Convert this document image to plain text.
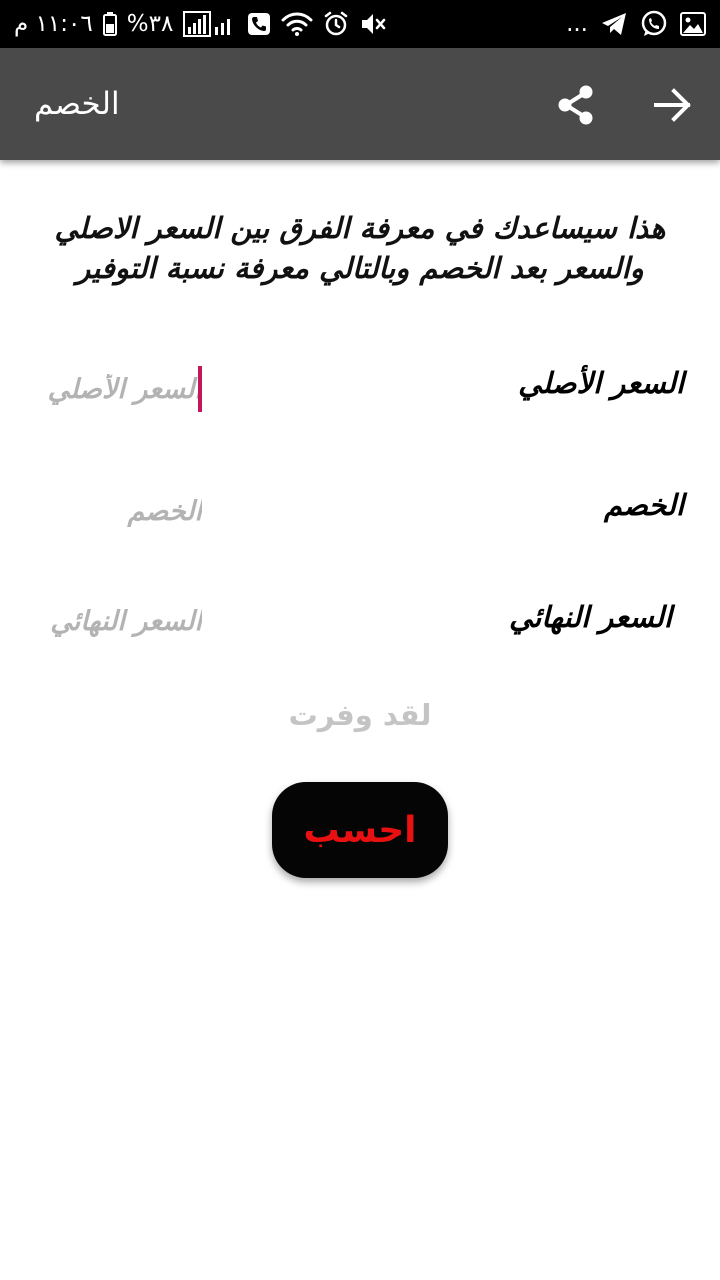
١١:٠٦ م %٣٨	...
الخصم

هذا سيساعدك في معرفة الفرق بين السعر الاصلي والسعر بعد الخصم وبالتالي معرفة نسبة التوفير

السعر الأصلي
السعر الأصلي
الخصم
الخصم
السعر النهائي
السعر النهائي

لقد وفرت

احسب
